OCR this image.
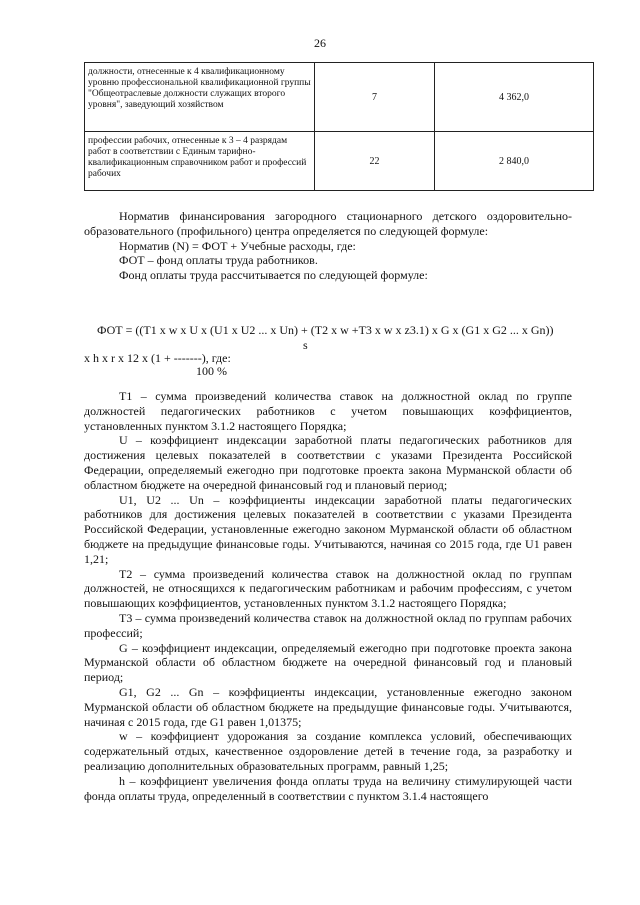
26
должности, отнесенные к 4 квалификационному уровню профессиональной квалификационной группы "Общеотраслевые должности служащих второго уровня", заведующий хозяйством	7	4 362,0
профессии рабочих, отнесенные к 3 – 4 разрядам работ в соответствии с Единым тарифно-квалификационным справочником работ и профессий рабочих	22	2 840,0

Норматив финансирования загородного стационарного детского оздоровительно-образовательного (профильного) центра определяется по следующей формуле:

Норматив (N) = ФОТ + Учебные расходы, где:

ФОТ – фонд оплаты труда работников.

Фонд оплаты труда рассчитывается по следующей формуле:

ФОТ = ((T1 x w x U x (U1 x U2 ... x Un) + (T2 x w +T3 x w x z3.1) x G x (G1 x G2 ... x Gn))
s
x h x r x 12 x (1 + -------), где:
100 %

T1 – сумма произведений количества ставок на должностной оклад по группе должностей педагогических работников с учетом повышающих коэффициентов, установленных пунктом 3.1.2 настоящего Порядка;

U – коэффициент индексации заработной платы педагогических работников для достижения целевых показателей в соответствии с указами Президента Российской Федерации, определяемый ежегодно при подготовке проекта закона Мурманской области об областном бюджете на очередной финансовый год и плановый период;

U1, U2 ... Un – коэффициенты индексации заработной платы педагогических работников для достижения целевых показателей в соответствии с указами Президента Российской Федерации, установленные ежегодно законом Мурманской области об областном бюджете на предыдущие финансовые годы. Учитываются, начиная со 2015 года, где U1 равен 1,21;

T2 – сумма произведений количества ставок на должностной оклад по группам должностей, не относящихся к педагогическим работникам и рабочим профессиям, с учетом повышающих коэффициентов, установленных пунктом 3.1.2 настоящего Порядка;

T3 – сумма произведений количества ставок на должностной оклад по группам рабочих профессий;

G – коэффициент индексации, определяемый ежегодно при подготовке проекта закона Мурманской области об областном бюджете на очередной финансовый год и плановый период;

G1, G2 ... Gn – коэффициенты индексации, установленные ежегодно законом Мурманской области об областном бюджете на предыдущие финансовые годы. Учитываются, начиная с 2015 года, где G1 равен 1,01375;

w – коэффициент удорожания за создание комплекса условий, обеспечивающих содержательный отдых, качественное оздоровление детей в течение года, за разработку и реализацию дополнительных образовательных программ, равный 1,25;

h – коэффициент увеличения фонда оплаты труда на величину стимулирующей части фонда оплаты труда, определенный в соответствии с пунктом 3.1.4 настоящего
